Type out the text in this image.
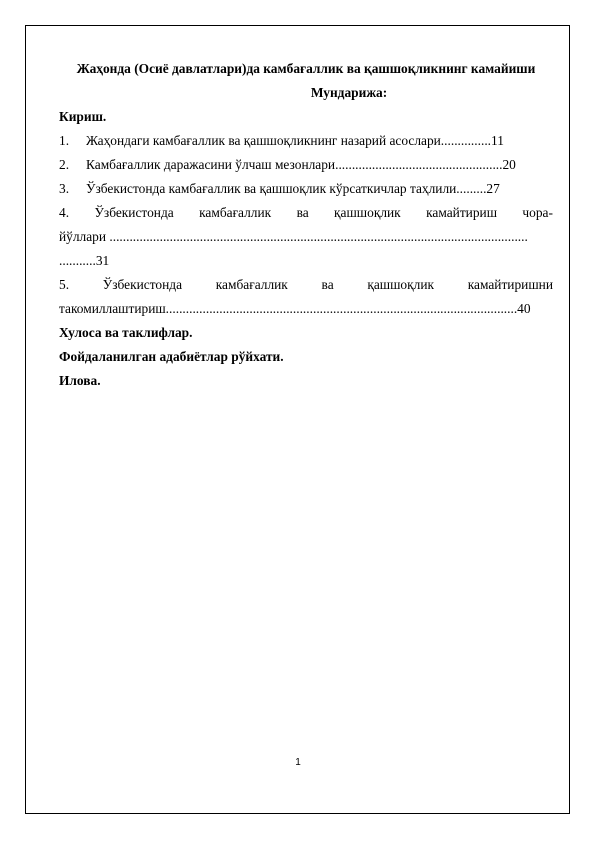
Жаҳонда (Осиё давлатлари)да камбағаллик ва қашшоқликнинг камайиши
Мундарижа:
Кириш.
1.	Жаҳондаги камбағаллик ва қашшоқликнинг назарий асослари...............11
2.	Камбағаллик даражасини ўлчаш мезонлари..................................................20
3.	Ўзбекистонда камбағаллик ва қашшоқлик кўрсаткичлар таҳлили.........27
4. Ўзбекистонда камбағаллик ва қашшоқлик камайтириш чора-
йўллари .............................................................................................................................
...........31
5.	Ўзбекистонда	камбағаллик	ва	қашшоқлик	камайтиришни
такомиллаштириш.........................................................................................................40
Хулоса ва таклифлар.
Фойдаланилган адабиётлар рўйхати.
Илова.
1
